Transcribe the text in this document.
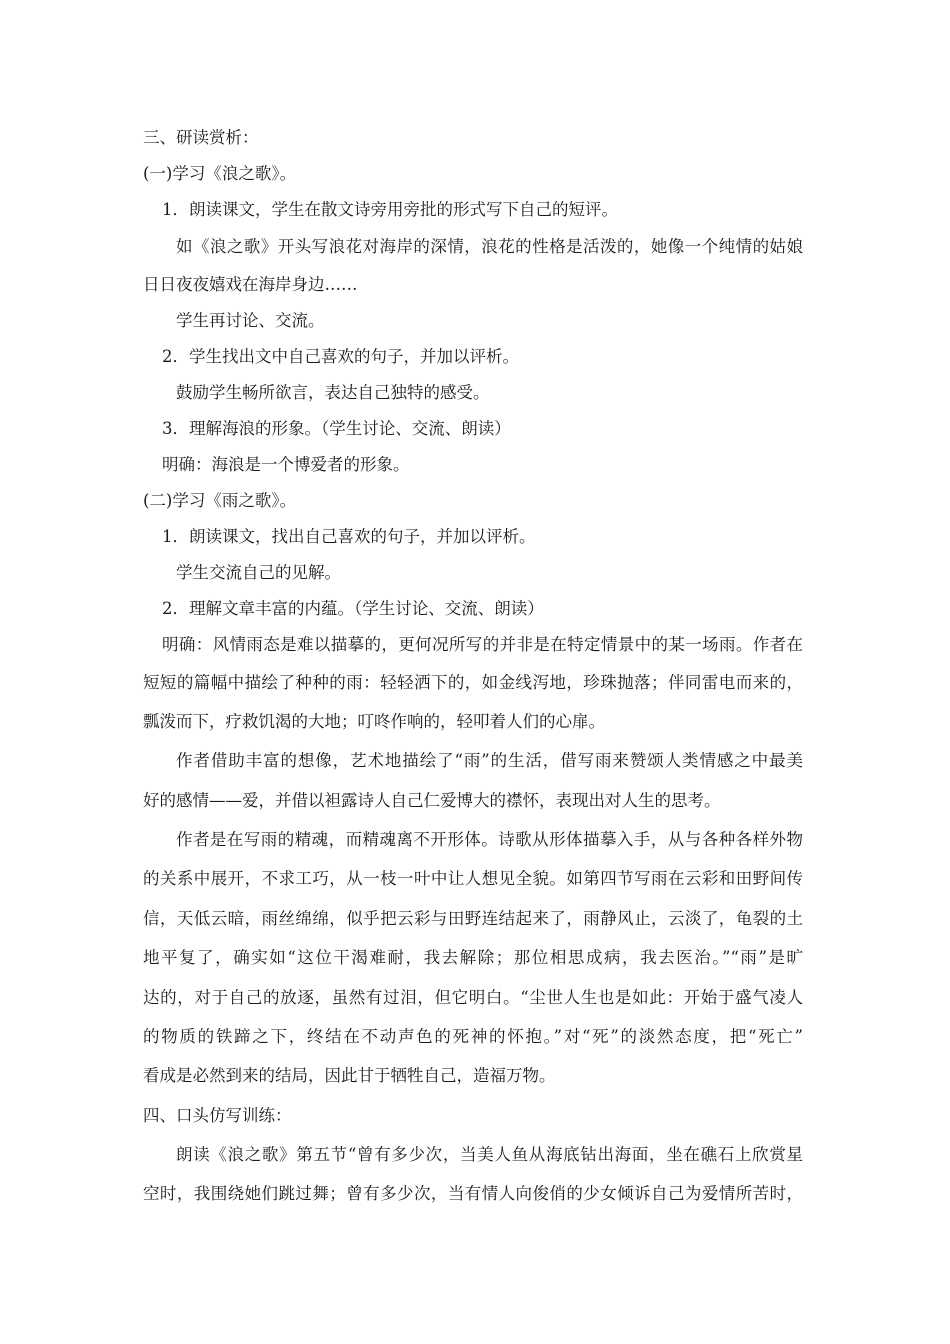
三、研读赏析：
(一)学习《浪之歌》。
1．朗读课文，学生在散文诗旁用旁批的形式写下自己的短评。
如《浪之歌》开头写浪花对海岸的深情，浪花的性格是活泼的，她像一个纯情的姑娘
日日夜夜嬉戏在海岸身边……
学生再讨论、交流。
2．学生找出文中自己喜欢的句子，并加以评析。
鼓励学生畅所欲言，表达自己独特的感受。
3．理解海浪的形象。（学生讨论、交流、朗读）
明确：海浪是一个博爱者的形象。
(二)学习《雨之歌》。
1．朗读课文，找出自己喜欢的句子，并加以评析。
学生交流自己的见解。
2．理解文章丰富的内蕴。（学生讨论、交流、朗读）
明确：风情雨态是难以描摹的，更何况所写的并非是在特定情景中的某一场雨。作者在
短短的篇幅中描绘了种种的雨：轻轻洒下的，如金线泻地，珍珠抛落；伴同雷电而来的，
瓢泼而下，疗救饥渴的大地；叮咚作响的，轻叩着人们的心扉。
作者借助丰富的想像，艺术地描绘了“雨”的生活，借写雨来赞颂人类情感之中最美
好的感情——爱，并借以袒露诗人自己仁爱博大的襟怀，表现出对人生的思考。
作者是在写雨的精魂，而精魂离不开形体。诗歌从形体描摹入手，从与各种各样外物
的关系中展开，不求工巧，从一枝一叶中让人想见全貌。如第四节写雨在云彩和田野间传
信，天低云暗，雨丝绵绵，似乎把云彩与田野连结起来了，雨静风止，云淡了，龟裂的土
地平复了，确实如“这位干渴难耐，我去解除；那位相思成病，我去医治。”“雨”是旷
达的，对于自己的放逐，虽然有过泪，但它明白。“尘世人生也是如此：开始于盛气凌人
的物质的铁蹄之下，终结在不动声色的死神的怀抱。”对“死”的淡然态度，把“死亡”
看成是必然到来的结局，因此甘于牺牲自己，造福万物。
四、口头仿写训练：
朗读《浪之歌》第五节“曾有多少次，当美人鱼从海底钻出海面，坐在礁石上欣赏星
空时，我围绕她们跳过舞；曾有多少次，当有情人向俊俏的少女倾诉自己为爱情所苦时，
